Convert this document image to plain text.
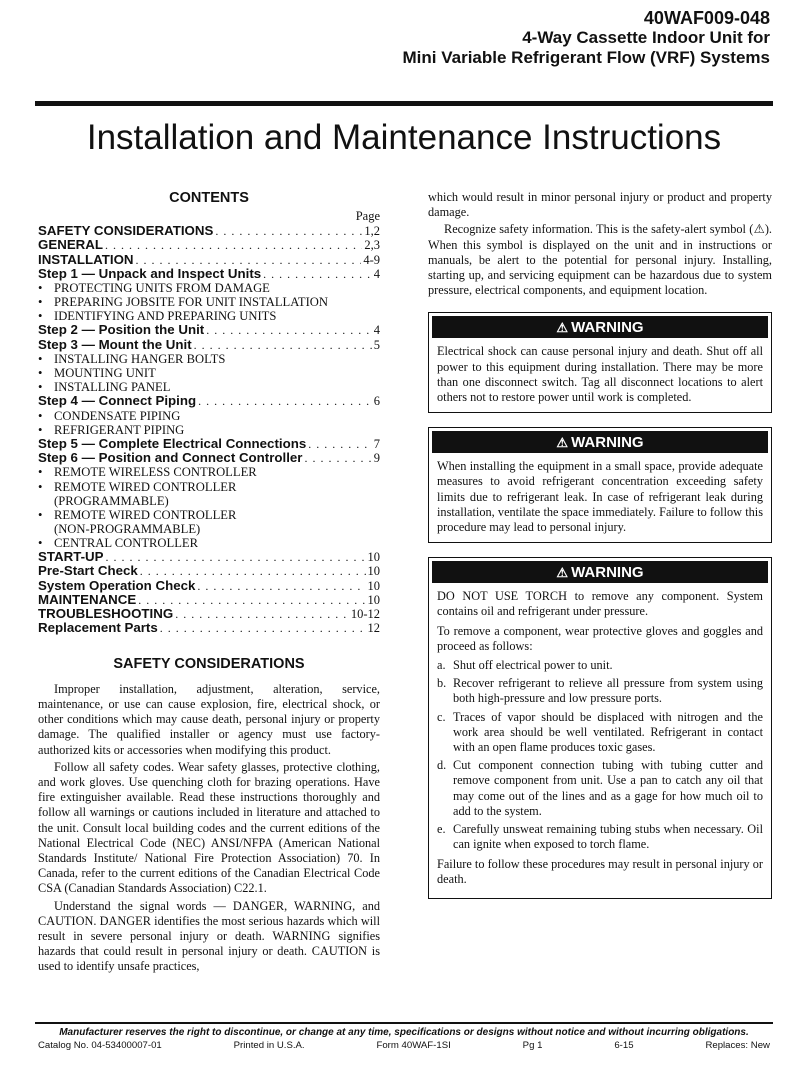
40WAF009-048
4-Way Cassette Indoor Unit for
Mini Variable Refrigerant Flow (VRF) Systems
Installation and Maintenance Instructions
CONTENTS
Page
SAFETY CONSIDERATIONS . . .	1,2
GENERAL . . .	2,3
INSTALLATION . . .	4-9
Step 1 — Unpack and Inspect Units . . .	4
• PROTECTING UNITS FROM DAMAGE
• PREPARING JOBSITE FOR UNIT INSTALLATION
• IDENTIFYING AND PREPARING UNITS
Step 2 — Position the Unit . . .	4
Step 3 — Mount the Unit . . .	5
• INSTALLING HANGER BOLTS
• MOUNTING UNIT
• INSTALLING PANEL
Step 4 — Connect Piping . . .	6
• CONDENSATE PIPING
• REFRIGERANT PIPING
Step 5 — Complete Electrical Connections . . .	7
Step 6 — Position and Connect Controller . . .	9
• REMOTE WIRELESS CONTROLLER
• REMOTE WIRED CONTROLLER
(PROGRAMMABLE)
• REMOTE WIRED CONTROLLER
(NON-PROGRAMMABLE)
• CENTRAL CONTROLLER
START-UP . . .	10
Pre-Start Check . . .	10
System Operation Check . . .	10
MAINTENANCE . . .	10
TROUBLESHOOTING . . .	10-12
Replacement Parts . . .	12
SAFETY CONSIDERATIONS

Improper installation, adjustment, alteration, service, maintenance, or use can cause explosion, fire, electrical shock, or other conditions which may cause death, personal injury or property damage. The qualified installer or agency must use factory-authorized kits or accessories when modifying this product.

Follow all safety codes. Wear safety glasses, protective clothing, and work gloves. Use quenching cloth for brazing operations. Have fire extinguisher available. Read these instructions thoroughly and follow all warnings or cautions included in literature and attached to the unit. Consult local building codes and the current editions of the National Electrical Code (NEC) ANSI/NFPA (American National Standards Institute/ National Fire Protection Association) 70. In Canada, refer to the current editions of the Canadian Electrical Code CSA (Canadian Standards Association) C22.1.

Understand the signal words — DANGER, WARNING, and CAUTION. DANGER identifies the most serious hazards which will result in severe personal injury or death. WARNING signifies hazards that could result in personal injury or death. CAUTION is used to identify unsafe practices,

which would result in minor personal injury or product and property damage.

Recognize safety information. This is the safety-alert symbol (⚠). When this symbol is displayed on the unit and in instructions or manuals, be alert to the potential for personal injury. Installing, starting up, and servicing equipment can be hazardous due to system pressure, electrical components, and equipment location.

⚠ WARNING
Electrical shock can cause personal injury and death. Shut off all power to this equipment during installation. There may be more than one disconnect switch. Tag all disconnect locations to alert others not to restore power until work is completed.
⚠ WARNING
When installing the equipment in a small space, provide adequate measures to avoid refrigerant concentration exceeding safety limits due to refrigerant leak. In case of refrigerant leak during installation, ventilate the space immediately. Failure to follow this procedure may lead to personal injury.
⚠ WARNING

DO NOT USE TORCH to remove any component. System contains oil and refrigerant under pressure.

To remove a component, wear protective gloves and goggles and proceed as follows:

a. Shut off electrical power to unit.
b. Recover refrigerant to relieve all pressure from system using both high-pressure and low pressure ports.
c. Traces of vapor should be displaced with nitrogen and the work area should be well ventilated. Refrigerant in contact with an open flame produces toxic gases.
d. Cut component connection tubing with tubing cutter and remove component from unit. Use a pan to catch any oil that may come out of the lines and as a gage for how much oil to add to the system.
e. Carefully unsweat remaining tubing stubs when necessary. Oil can ignite when exposed to torch flame.

Failure to follow these procedures may result in personal injury or death.

Manufacturer reserves the right to discontinue, or change at any time, specifications or designs without notice and without incurring obligations.
Catalog No. 04-53400007-01	Printed in U.S.A.	Form 40WAF-1SI	Pg 1	6-15	Replaces: New
